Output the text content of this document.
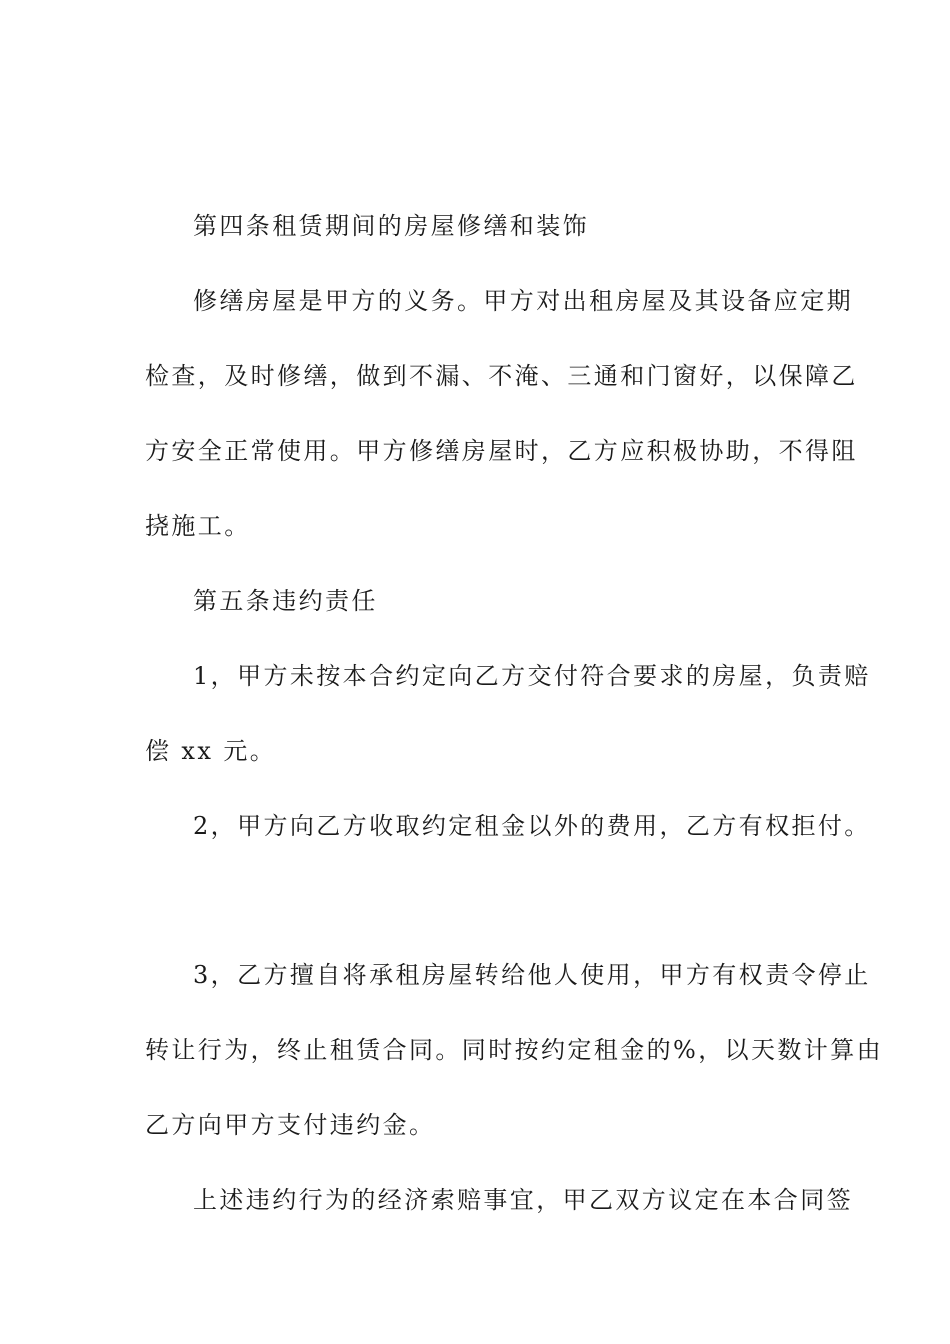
第四条租赁期间的房屋修缮和装饰
修缮房屋是甲方的义务。甲方对出租房屋及其设备应定期
检查，及时修缮，做到不漏、不淹、三通和门窗好，以保障乙
方安全正常使用。甲方修缮房屋时，乙方应积极协助，不得阻
挠施工。
第五条违约责任
1，甲方未按本合约定向乙方交付符合要求的房屋，负责赔
偿 xx 元。
2，甲方向乙方收取约定租金以外的费用，乙方有权拒付。
3，乙方擅自将承租房屋转给他人使用，甲方有权责令停止
转让行为，终止租赁合同。同时按约定租金的%，以天数计算由
乙方向甲方支付违约金。
上述违约行为的经济索赔事宜，甲乙双方议定在本合同签
